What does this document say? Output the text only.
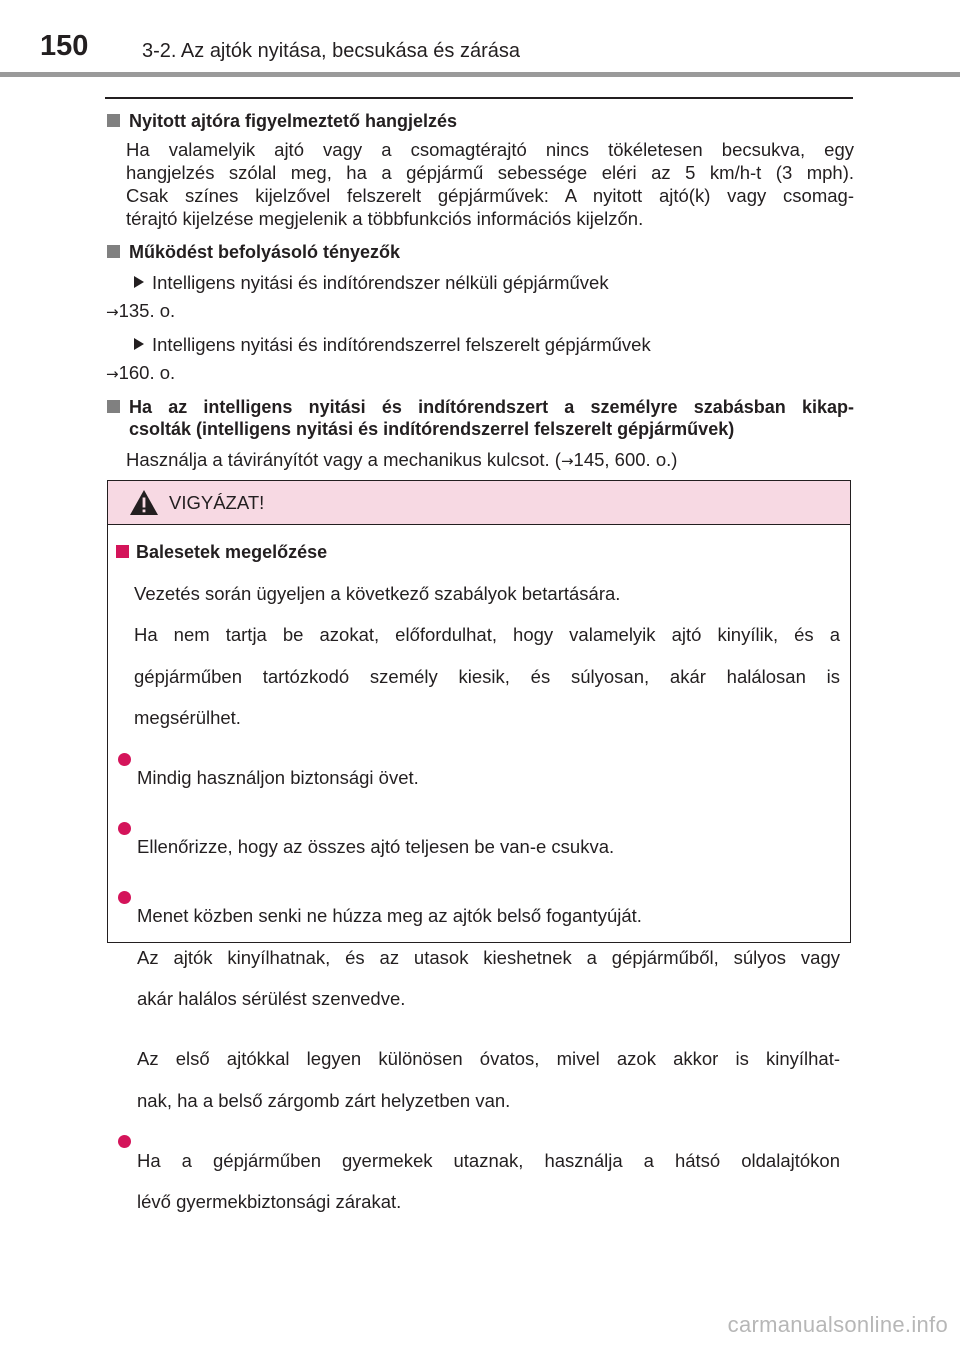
150	3-2. Az ajtók nyitása, becsukása és zárása
Nyitott ajtóra figyelmeztető hangjelzés

Ha valamelyik ajtó vagy a csomagtérajtó nincs tökéletesen becsukva, egy

hangjelzés szólal meg, ha a gépjármű sebessége eléri az 5 km/h-t (3 mph).

Csak színes kijelzővel felszerelt gépjárművek: A nyitott ajtó(k) vagy csomag-

térajtó kijelzése megjelenik a többfunkciós információs kijelzőn.

Működést befolyásoló tényezők
Intelligens nyitási és indítórendszer nélküli gépjárművek
→135. o.
Intelligens nyitási és indítórendszerrel felszerelt gépjárművek
→160. o.

Ha az intelligens nyitási és indítórendszert a személyre szabásban kikap-

csolták (intelligens nyitási és indítórendszerrel felszerelt gépjárművek)

Használja a távirányítót vagy a mechanikus kulcsot. (→145, 600. o.)
VIGYÁZAT!
Balesetek megelőzése

Vezetés során ügyeljen a következő szabályok betartására.

Ha nem tartja be azokat, előfordulhat, hogy valamelyik ajtó kinyílik, és a

gépjárműben tartózkodó személy kiesik, és súlyosan, akár halálosan is

megsérülhet.

Mindig használjon biztonsági övet.

Ellenőrizze, hogy az összes ajtó teljesen be van-e csukva.

Menet közben senki ne húzza meg az ajtók belső fogantyúját.

Az ajtók kinyílhatnak, és az utasok kieshetnek a gépjárműből, súlyos vagy

akár halálos sérülést szenvedve.

Az első ajtókkal legyen különösen óvatos, mivel azok akkor is kinyílhat-

nak, ha a belső zárgomb zárt helyzetben van.

Ha a gépjárműben gyermekek utaznak, használja a hátsó oldalajtókon

lévő gyermekbiztonsági zárakat.

carmanualsonline.info
